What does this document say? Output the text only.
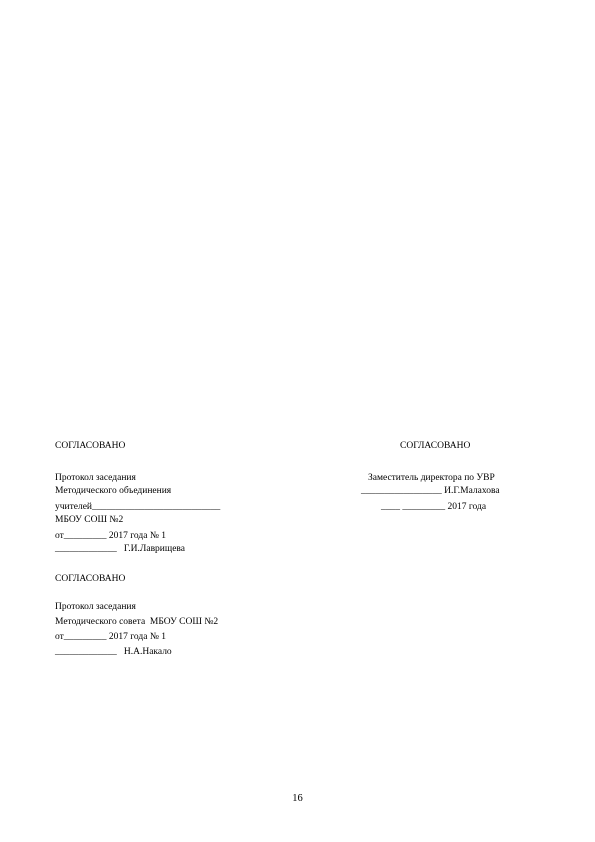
СОГЛАСОВАНО
Протокол заседания
Методического объединения
учителей___________________________
МБОУ СОШ №2
от_________ 2017 года № 1
_____________   Г.И.Лаврищева
СОГЛАСОВАНО
Заместитель директора по УВР
_________________ И.Г.Малахова
____ _________ 2017 года
СОГЛАСОВАНО
Протокол заседания
Методического совета  МБОУ СОШ №2
от_________ 2017 года № 1
_____________   Н.А.Накало
16
